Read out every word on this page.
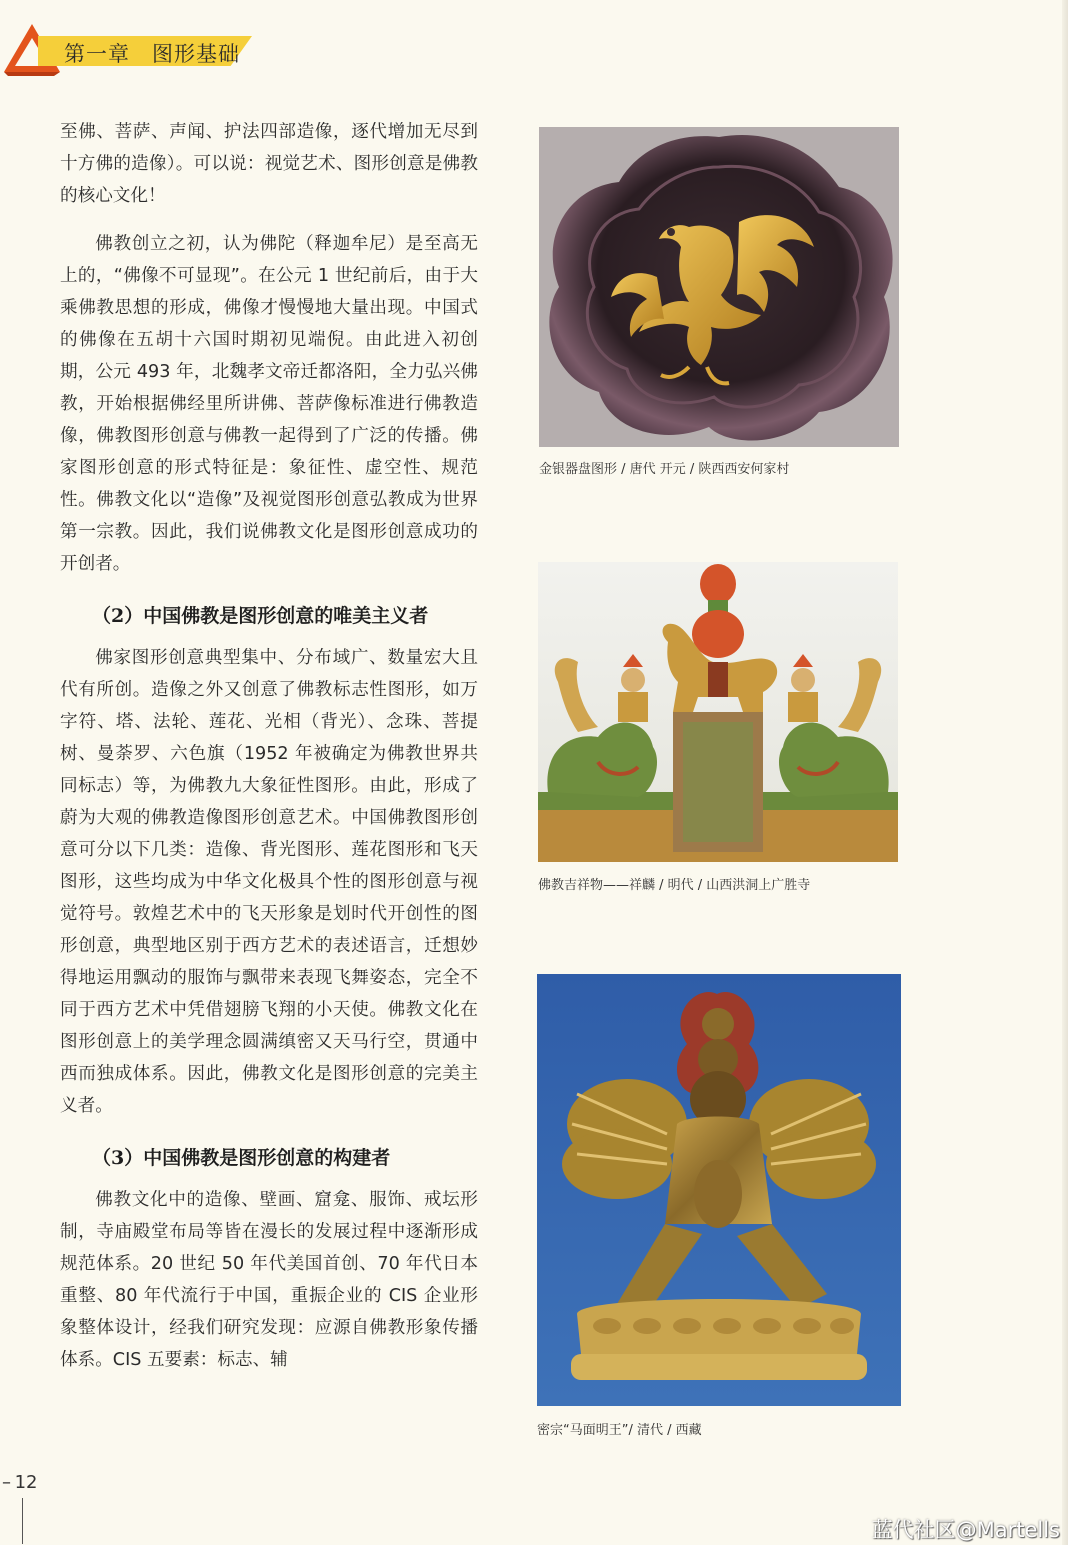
第一章 图形基础

至佛、菩萨、声闻、护法四部造像，逐代增加无尽到十方佛的造像）。可以说：视觉艺术、图形创意是佛教的核心文化！

佛教创立之初，认为佛陀（释迦牟尼）是至高无上的，“佛像不可显现”。在公元 1 世纪前后，由于大乘佛教思想的形成，佛像才慢慢地大量出现。中国式的佛像在五胡十六国时期初见端倪。由此进入初创期，公元 493 年，北魏孝文帝迁都洛阳，全力弘兴佛教，开始根据佛经里所讲佛、菩萨像标准进行佛教造像，佛教图形创意与佛教一起得到了广泛的传播。佛家图形创意的形式特征是：象征性、虚空性、规范性。佛教文化以“造像”及视觉图形创意弘教成为世界第一宗教。因此，我们说佛教文化是图形创意成功的开创者。

（2）中国佛教是图形创意的唯美主义者

佛家图形创意典型集中、分布域广、数量宏大且代有所创。造像之外又创意了佛教标志性图形，如万字符、塔、法轮、莲花、光相（背光）、念珠、菩提树、曼荼罗、六色旗（1952 年被确定为佛教世界共同标志）等，为佛教九大象征性图形。由此，形成了蔚为大观的佛教造像图形创意艺术。中国佛教图形创意可分以下几类：造像、背光图形、莲花图形和飞天图形，这些均成为中华文化极具个性的图形创意与视觉符号。敦煌艺术中的飞天形象是划时代开创性的图形创意，典型地区别于西方艺术的表述语言，迁想妙得地运用飘动的服饰与飘带来表现飞舞姿态，完全不同于西方艺术中凭借翅膀飞翔的小天使。佛教文化在图形创意上的美学理念圆满缜密又天马行空，贯通中西而独成体系。因此，佛教文化是图形创意的完美主义者。

（3）中国佛教是图形创意的构建者

佛教文化中的造像、壁画、窟龛、服饰、戒坛形制，寺庙殿堂布局等皆在漫长的发展过程中逐渐形成规范体系。20 世纪 50 年代美国首创、70 年代日本重整、80 年代流行于中国，重振企业的 CIS 企业形象整体设计，经我们研究发现：应源自佛教形象传播体系。CIS 五要素：标志、辅

金银器盘图形 / 唐代 开元 / 陕西西安何家村
佛教吉祥物——祥麟 / 明代 / 山西洪洞上广胜寺
密宗“马面明王”/ 清代 / 西藏
– 12
蓝代社区@Martells
